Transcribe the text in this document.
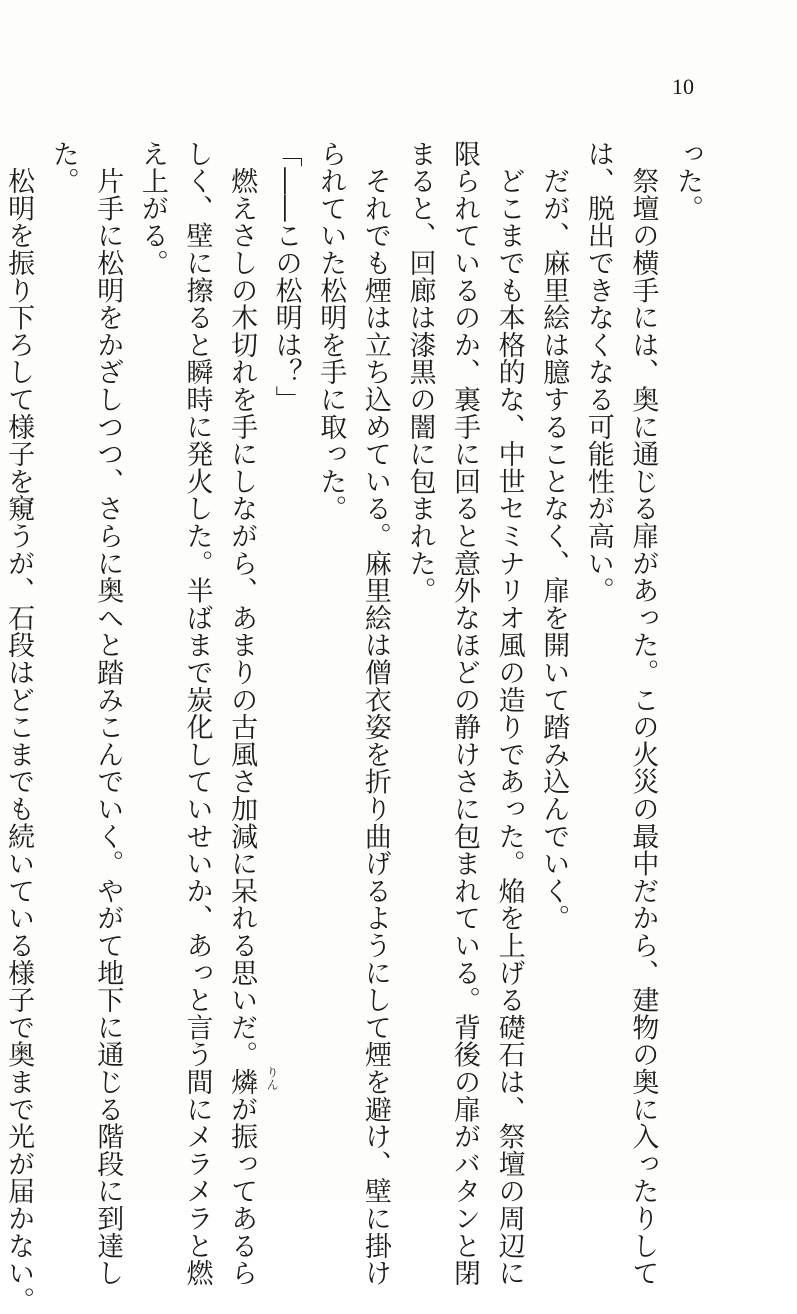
10
った。
　祭壇の横手には、奥に通じる扉があった。この火災の最中だから、建物の奥に入ったりして
は、脱出できなくなる可能性が高い。
　だが、麻里絵は臆することなく、扉を開いて踏み込んでいく。
　どこまでも本格的な、中世セミナリオ風の造りであった。焔を上げる礎石は、祭壇の周辺に
限られているのか、裏手に回ると意外なほどの静けさに包まれている。背後の扉がバタンと閉
まると、回廊は漆黒の闇に包まれた。
　それでも煙は立ち込めている。麻里絵は僧衣姿を折り曲げるようにして煙を避け、壁に掛け
られていた松明を手に取った。
「――この松明は？」
　燃えさしの木切れを手にしながら、あまりの古風さ加減に呆れる思いだ。燐 りん
が振ってあるら
しく、壁に擦ると瞬時に発火した。半ばまで炭化していせいか、あっと言う間にメラメラと燃
え上がる。
　片手に松明をかざしつつ、さらに奥へと踏みこんでいく。やがて地下に通じる階段に到達し
た。
　松明を振り下ろして様子を窺うが、石段はどこまでも続いている様子で奥まで光が届かない。
